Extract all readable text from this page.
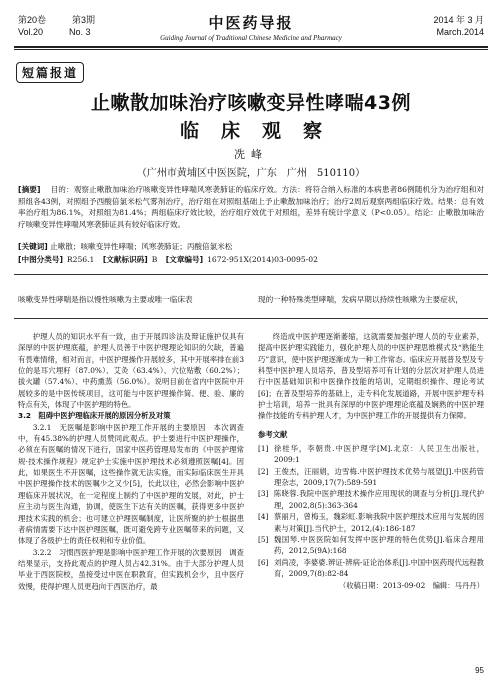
第20卷	第3期
Vol.20	No. 3	中医药导报
Guiding Journal of Traditional Chinese Medicine and Pharmacy
2014 年 3 月
March.2014
短篇报道
止嗽散加味治疗咳嗽变异性哮喘43例
临床观察
冼峰
（广州市黄埔区中医医院，广东　广州　510110）
[摘要] 目的：观察止嗽散加味治疗咳嗽变异性哮喘风寒袭肺证的临床疗效。方法：将符合纳入标准的本病患者86例随机分为治疗组和对照组各43例，对照组予西酸倍氯米松气雾剂治疗，治疗组在对照组基础上予止嗽散加味治疗；治疗2周后观察两组临床疗效。结果：总有效率治疗组为86.1%，对照组为81.4%；两组临床疗效比较，治疗组疗效优于对照组，差异有统计学意义（P<0.05）。结论：止嗽散加味治疗咳嗽变异性哮喘风寒袭肺证具有较好临床疗效。
[关键词] 止嗽散；咳嗽变异性哮喘；风寒袭肺证；丙酸倍氯米松
[中图分类号] R256.1 [文献标识码] B [文章编号] 1672-951X(2014)03-0095-02
咳嗽变异性哮喘是指以慢性咳嗽为主要或唯一临床表	现的一种特殊类型哮喘，发病早期以持续性咳嗽为主要症状，

护理人员的知识水平有一致，由于开展四诊法及辩证施护仅具有深厚的中医护理底蕴，护理人员善于中医护理理论知识的欠缺，普遍有畏难情绪，相对而言，中医护理操作开展较多，其中开展率排在前3位的是耳穴埋籽（87.0%）、艾灸（63.4%）、穴位贴敷（60.2%）；拔火罐（57.4%）、中药熏蒸（56.0%）。说明目前在省内中医院中开展较多的是中医传统项目，这可能与中医护理操作简、便、验、廉的特点有关，体现了中医护理的特色。

3.2　阻碍中医护理临床开展的原因分析及对策

3.2.1　无医嘱是影响中医护理工作开展的主要原因　本次调查中，有45.38%的护理人员赞同此观点。护士要进行中医护理操作，必须在有医嘱的情况下进行，国家中医药管理局发布的《中医护理常规·技术操作规程》规定护士实施中医护理技术必须遵照医嘱[4]。因此，如果医生不开医嘱，这些操作就无法实施，而实际临床医生开具中医护理操作技术的医嘱少之又少[5]，长此以往，必然会影响中医护理临床开展状况，在一定程度上制约了中医护理的发展，对此，护士应主动与医生沟通，协调，使医生下达有关的医嘱，获得更多中医护理技术实践的机会；也可建立护理医嘱制度，让医所聚的护士根据患者病情需要下达中医护理医嘱，既可避免跨专业医嘱带来的问题，又体现了各级护士的责任权利和专业价值。

3.2.2　习惯西医护理是影响中医护理工作开展的次要原因　调查结果显示，支持此观点的护理人员占42.31%。由于大部分护理人员毕业于西医院校，虽接受过中医在职教育，但实践机会少，且中医疗效慢，使得护理人员更趋向于西医治疗，最

终造成中医护理逐渐萎缩，这就需要加强护理人员的专业素养，提高中医护理实践能力，强化护理人员的中医护理思维模式及“熟能生巧”意识，使中医护理逐渐成为一种工作常态。临床应开展普及型及专科型中医护理人员培养，普及型培养可有计划的分层次对护理人员进行中医基础知识和中医操作技能的培训，定期组织操作、理论考试[6]；在普及型培养的基础上，走专科化发展道路，开展中医护理专科护士培训，培养一批具有深厚的中医护理理论底蕴及娴熟的中医护理操作技能的专科护理人才，为中医护理工作的开展提供有力保障。

参考文献

[1] 徐桂华，李朝贵.中医护理学[M].北京：人民卫生出版社，2009:1

[2] 王俊杰，汪丽娟，边雪梅.中医护理技术优势与展望[J].中医药管理杂志，2009,17(7):589-591

[3] 陈晓蓉.我院中医护理技术操作应用现状的调查与分析[J].现代护理，2002,8(5):363-364

[4] 蔡丽月，曾梅玉，魏彩虹.影响我院中医护理技术应用与发展的因素与对策[J].当代护士，2012,(4):186-187

[5] 魏国琴.中医医院如何发挥中医护理的特色优势[J].临床合理用药，2012,5(9A):168

[6] 刘尚凌，李婆婆.辨证-辨病-证论治体系[J].中国中医药现代远程教育，2009,7(8):82-84

（收稿日期：2013-09-02　编辑：马丹丹）

95
